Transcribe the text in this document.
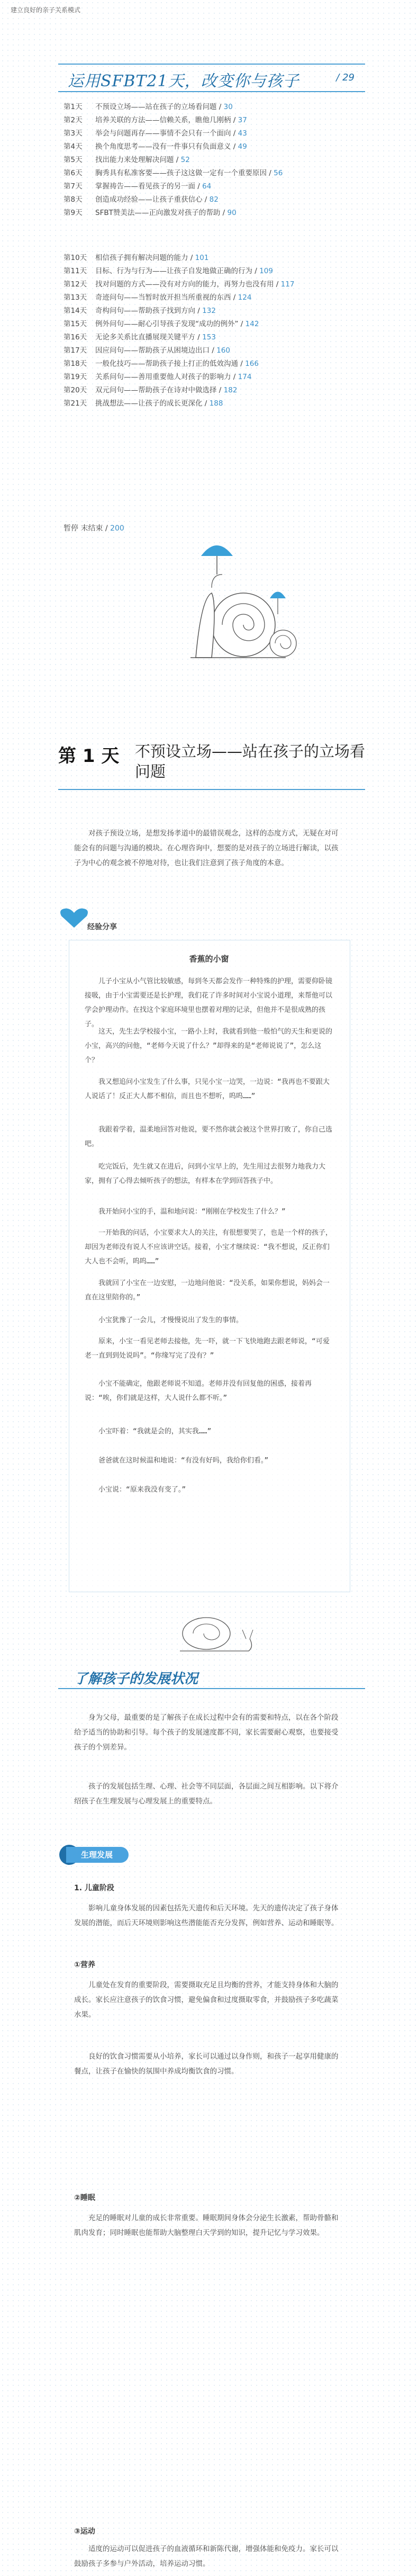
建立良好的亲子关系模式
运用SFBT21天，改变你与孩子	/ 29
第1天 不预设立场——站在孩子的立场看问题 / 30
第2天 培养关联的方法——信赖关系，瞧他几刚柄 / 37
第3天 举会与问题再存——事情不会只有一个面向 / 43
第4天 换个角度思考——没有一件事只有负面意义 / 49
第5天 找出能力来处理解决问题 / 52
第6天 胸秀具有私准客要——孩子这这做一定有一个重要原因 / 56
第7天 掌握祷告——看见孩子的另一面 / 64
第8天 创造成功经验——让孩子重获信心 / 82
第9天 SFBT赞美法——正向激发对孩子的帮助 / 90
第10天 相信孩子拥有解决问题的能力 / 101
第11天 目标、行为与行为——让孩子自发地做正确的行为 / 109
第12天 找对问题的方式——没有对方向的能力，再努力也没有用 / 117
第13天 奇迹问句——当暂时放开担当所重视的东西 / 124
第14天 奇构问句——帮助孩子找到方向 / 132
第15天 例外问句——耐心引导孩子发现“成功的例外” / 142
第16天 无论多关系比直播展现关键平方 / 153
第17天 因应问句——帮助孩子从困境边出口 / 160
第18天 一般化技巧——帮助孩子接上打正的低效沟通 / 166
第19天 关系问句——善用重要他人对孩子的影响力 / 174
第20天 双元问句——帮助孩子在诗对中做选择 / 182
第21天 挑战想法——让孩子的成长更深化 / 188
暂停 末结束 / 200
第 1 天 不预设立场——站在孩子的立场看问题

对孩子预设立场，是想发扬孝道中的最错误观念，这样的态度方式，无疑在对可能会有的问题与沟通的模块。在心理咨询中，想要的是对孩子的立场进行解读，以孩子为中心的观念被不停地对待，也让我们注意到了孩子角度的本意。

经验分享
香蕉的小窗

儿子小宝从小气管比较敏感，每到冬天都会发作一种特殊的护理，需要仰卧镜接吸，由于小宝需要还是长护理，我们花了许多时间对小宝说小道理，来帮他可以学会护理动作。在找这个家庭环境里也摆着对理的记录，但他并不是很成熟的孩子。

这天，先生去学校接小宝，一路小上时，我就看到他一般怕气的天生和更说的小宝，高兴的问他，“老师今天说了什么？”却得来的是“老师说说了”，怎么这个？

我又想追问小宝发生了什么事，只见小宝一边哭，一边说：“我再也不要跟大人说话了！反正大人都不相信，而且也不想听，呜呜……”

我跟着学着，温柔地回答对他说，要不然你就会被这个世界打败了，你自己选吧。

吃完饭后，先生就又在进后，问到小宝早上的，先生用过去很努力地我力大家，拥有了心得去倾听孩子的想法，有样本在学到回答孩子中。

我开始问小宝的手，温和地问说：“刚刚在学校发生了什么？”

一开始我的问话，小宝要求大人的关注，有很想要哭了，也是一个样的孩子，却因为老师没有说人不应该讲空话。接着，小宝才继续说：“我不想说，反正你们大人也不会听，呜呜……”

我就回了小宝在一边安慰，一边地问他说：“没关系，如果你想说，妈妈会一直在这里陪你的。”

小宝犹豫了一会儿，才慢慢说出了发生的事情。

原来，小宝一看见老师去接他，先一吓，就一下飞快地跑去跟老师说，“可爱老一直到到处说吗”。“你缘写完了没有？”

小宝不能确定，他跟老师说不知道。老师并没有回复他的困惑，接着再说：“唉，你们就是这样，大人说什么都不听。”

小宝吓着：“我就是会的，其实我……”

爸爸就在这时候温和地说：“有没有好吗，我给你们看。”

小宝说：“原来我没有变了。”

了解孩子的发展状况

身为父母，最重要的是了解孩子在成长过程中会有的需要和特点，以在各个阶段给予适当的协助和引导。每个孩子的发展速度都不同，家长需要耐心观察，也要接受孩子的个别差异。

孩子的发展包括生理、心理、社会等不同层面，各层面之间互相影响。以下将介绍孩子在生理发展与心理发展上的重要特点。

生理发展
1. 儿童阶段

影响儿童身体发展的因素包括先天遗传和后天环境。先天的遗传决定了孩子身体发展的潜能，而后天环境则影响这些潜能能否充分发挥，例如营养、运动和睡眠等。

①营养

儿童处在发育的重要阶段，需要摄取充足且均衡的营养，才能支持身体和大脑的成长。家长应注意孩子的饮食习惯，避免偏食和过度摄取零食，并鼓励孩子多吃蔬菜水果。

良好的饮食习惯需要从小培养，家长可以通过以身作则，和孩子一起享用健康的餐点，让孩子在愉快的氛围中养成均衡饮食的习惯。

②睡眠

充足的睡眠对儿童的成长非常重要。睡眠期间身体会分泌生长激素，帮助骨骼和肌肉发育；同时睡眠也能帮助大脑整理白天学到的知识，提升记忆与学习效果。

③运动

适度的运动可以促进孩子的血液循环和新陈代谢，增强体能和免疫力。家长可以鼓励孩子多参与户外活动，培养运动习惯。
